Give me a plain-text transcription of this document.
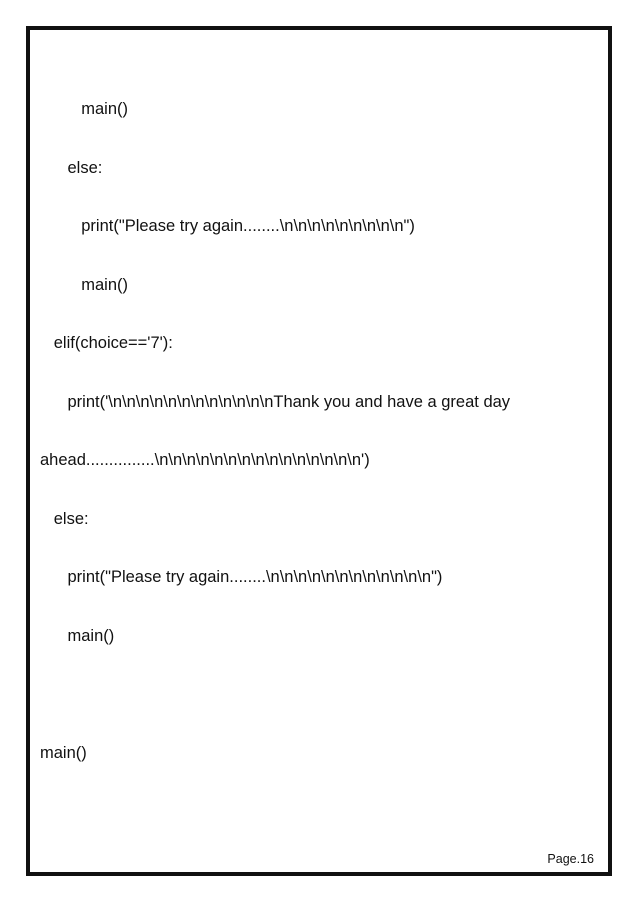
main()

else:

print("Please try again........\n\n\n\n\n\n\n\n\n")

main()

elif(choice=='7'):

print('\n\n\n\n\n\n\n\n\n\n\n\nThank you and have a great day

ahead...............\n\n\n\n\n\n\n\n\n\n\n\n\n\n\n')

else:

print("Please try again........\n\n\n\n\n\n\n\n\n\n\n\n")

main()

main()

Page.16
